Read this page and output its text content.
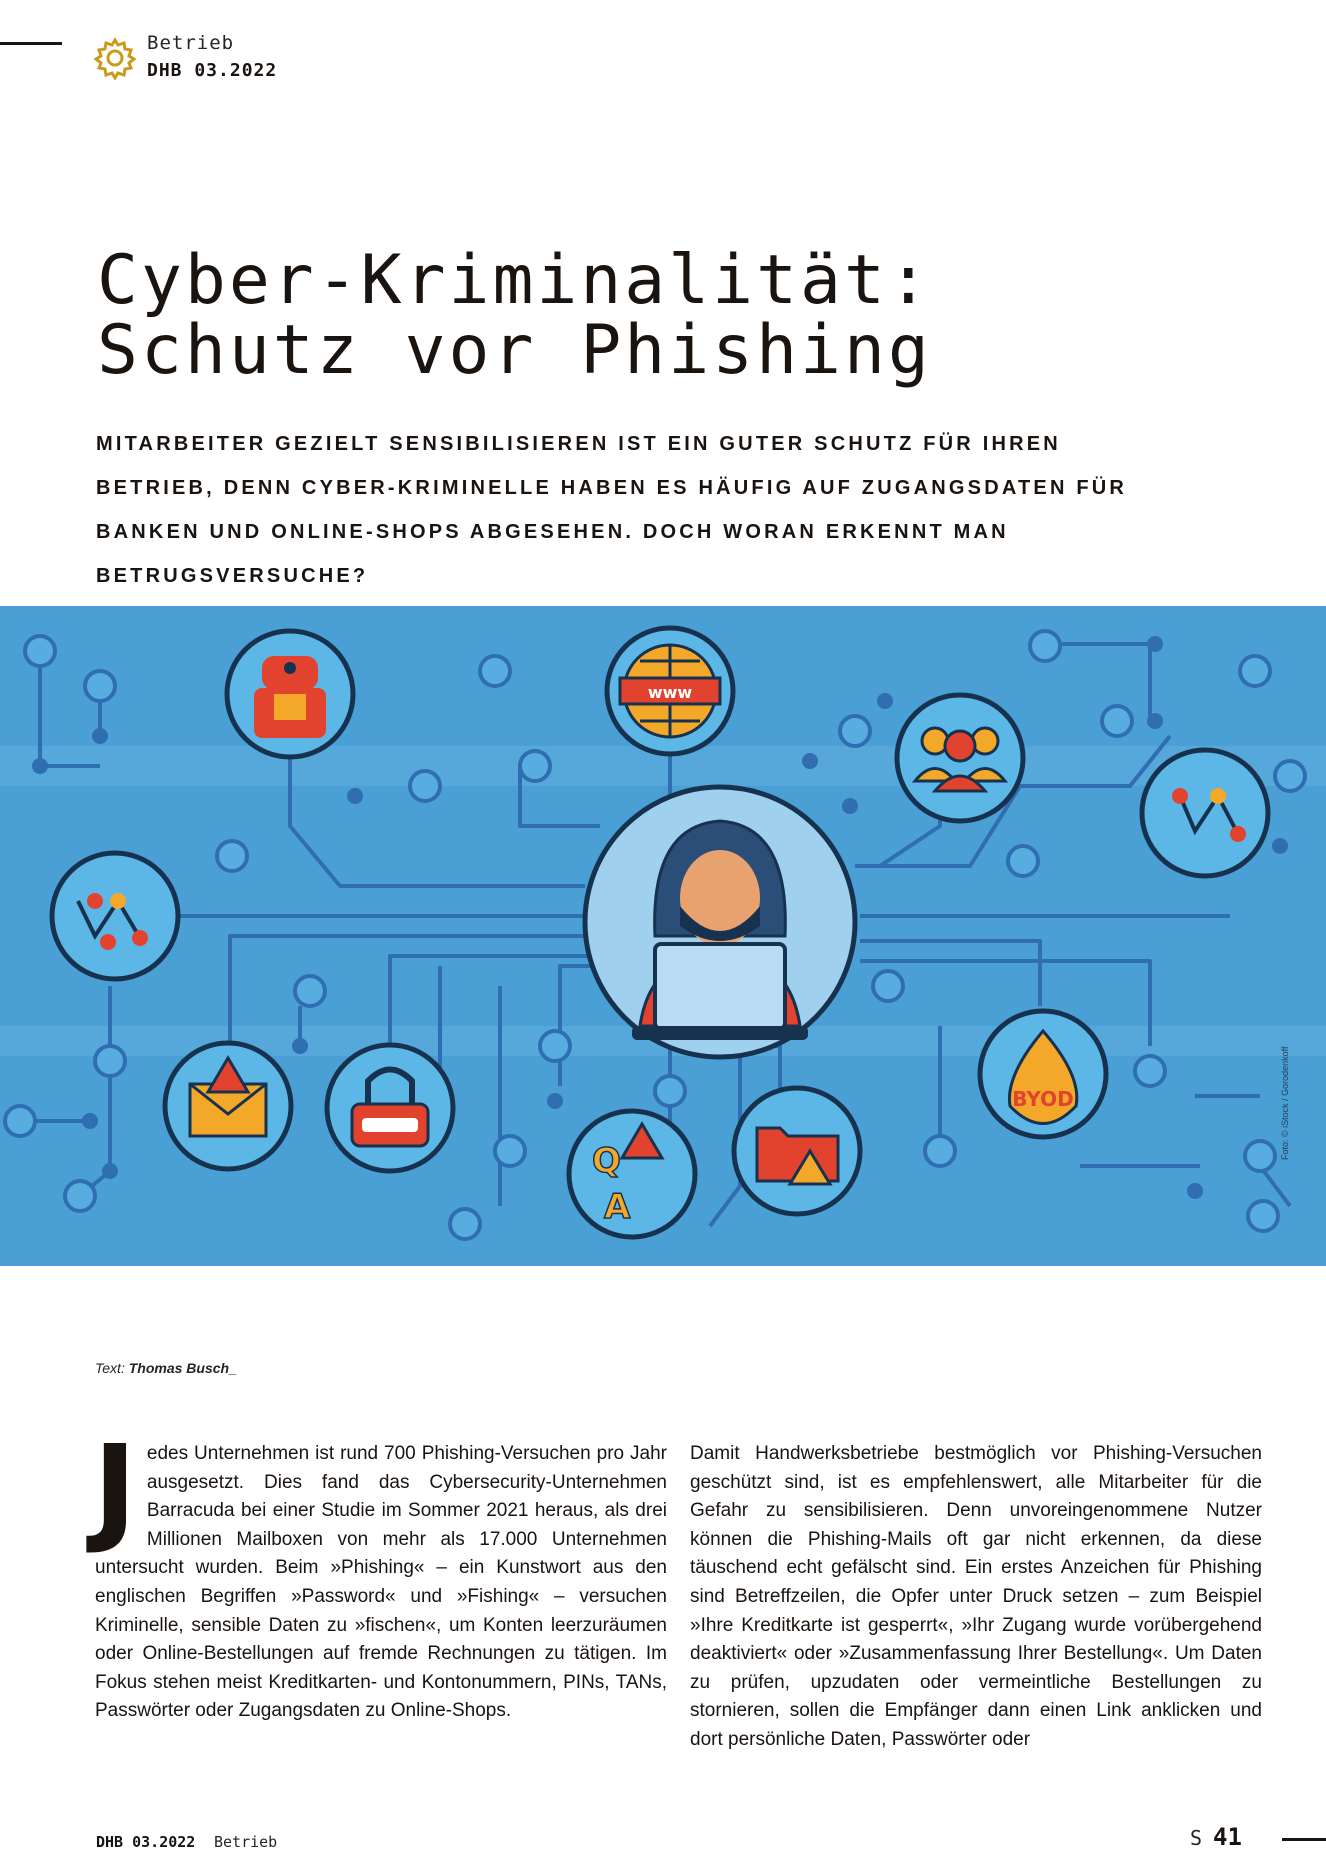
Betrieb
DHB 03.2022
Cyber-Kriminalität:
Schutz vor Phishing

MITARBEITER GEZIELT SENSIBILISIEREN IST EIN GUTER SCHUTZ FÜR IHREN BETRIEB, DENN CYBER-KRIMINELLE HABEN ES HÄUFIG AUF ZUGANGSDATEN FÜR BANKEN UND ONLINE-SHOPS ABGESEHEN. DOCH WORAN ERKENNT MAN BETRUGSVERSUCHE?

www
Q
A
BYOD	Foto: © iStock / Gorodenkoff
Text: Thomas Busch_

Jedes Unternehmen ist rund 700 Phishing-Versuchen pro Jahr ausgesetzt. Dies fand das Cybersecurity-Unternehmen Barracuda bei einer Studie im Sommer 2021 heraus, als drei Millionen Mailboxen von mehr als 17.000 Unternehmen untersucht wurden. Beim »Phishing« – ein Kunstwort aus den englischen Begriffen »Password« und »Fishing« – versuchen Kriminelle, sensible Daten zu »fischen«, um Konten leerzuräumen oder Online-Bestellungen auf fremde Rechnungen zu tätigen. Im Fokus stehen meist Kreditkarten- und Kontonummern, PINs, TANs, Passwörter oder Zugangsdaten zu Online-Shops.

Damit Handwerksbetriebe bestmöglich vor Phishing-Versuchen geschützt sind, ist es empfehlenswert, alle Mitarbeiter für die Gefahr zu sensibilisieren. Denn unvoreingenommene Nutzer können die Phishing-Mails oft gar nicht erkennen, da diese täuschend echt gefälscht sind. Ein erstes Anzeichen für Phishing sind Betreffzeilen, die Opfer unter Druck setzen – zum Beispiel »Ihre Kreditkarte ist gesperrt«, »Ihr Zugang wurde vorübergehend deaktiviert« oder »Zusammenfassung Ihrer Bestellung«. Um Daten zu prüfen, upzudaten oder vermeintliche Bestellungen zu stornieren, sollen die Empfänger dann einen Link anklicken und dort persönliche Daten, Passwörter oder

DHB 03.2022 Betrieb	S 41
